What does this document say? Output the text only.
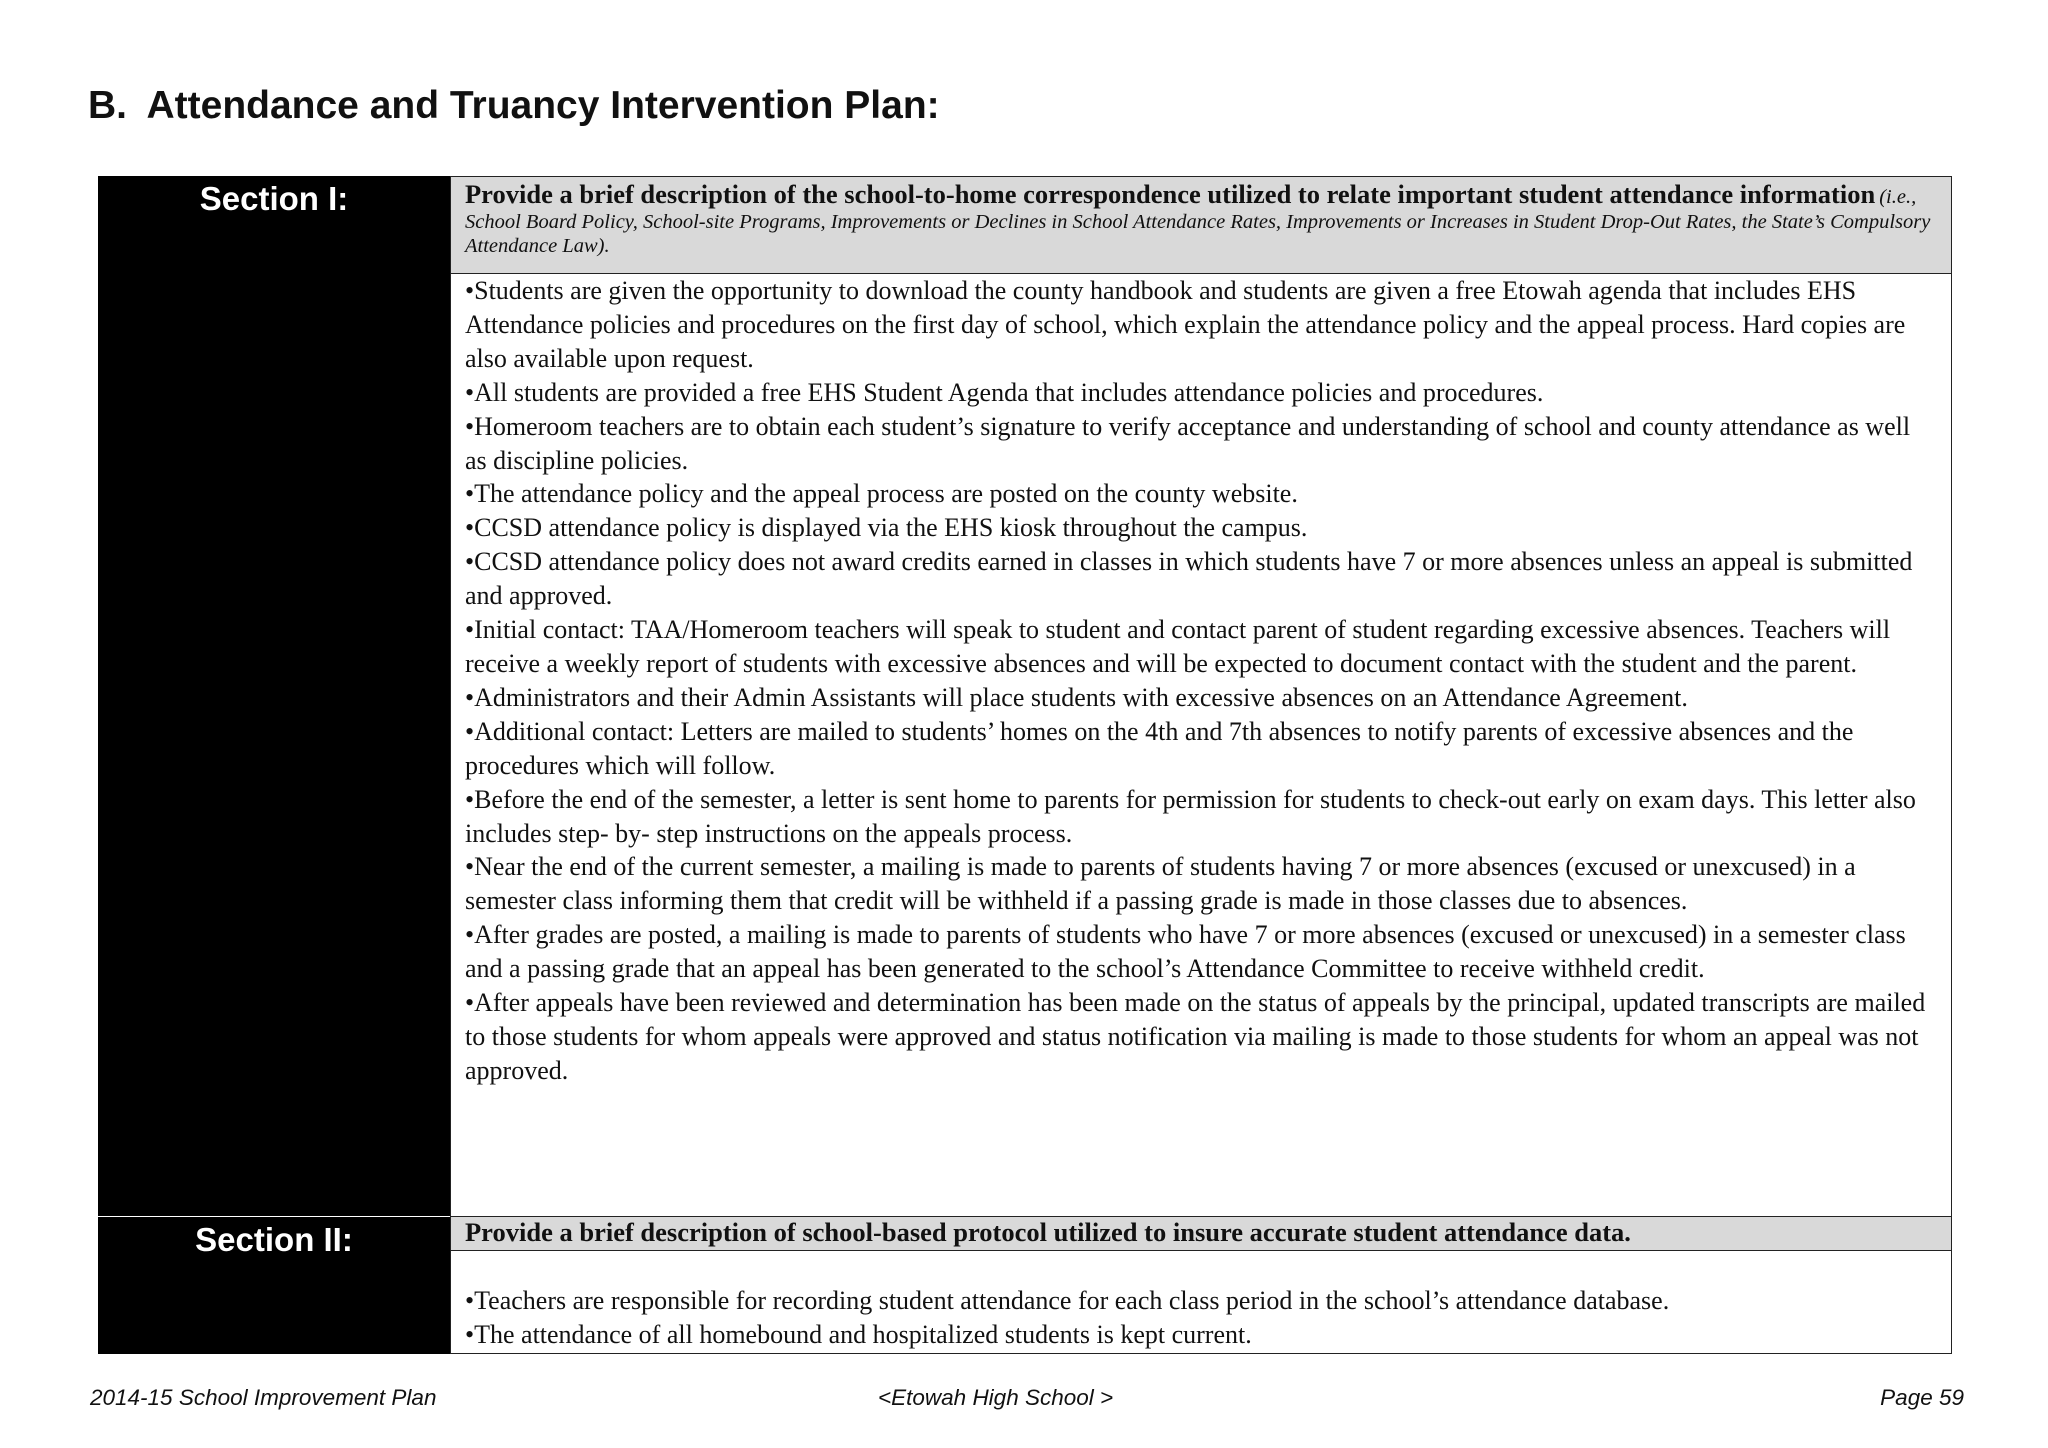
B. Attendance and Truancy Intervention Plan:
Section I:	Provide a brief description of the school-to-home correspondence utilized to relate important student attendance information (i.e., School Board Policy, School-site Programs, Improvements or Declines in School Attendance Rates, Improvements or Increases in Student Drop-Out Rates, the State’s Compulsory Attendance Law).

•Students are given the opportunity to download the county handbook and students are given a free Etowah agenda that includes EHS Attendance policies and procedures on the first day of school, which explain the attendance policy and the appeal process. Hard copies are also available upon request.

•All students are provided a free EHS Student Agenda that includes attendance policies and procedures.

•Homeroom teachers are to obtain each student’s signature to verify acceptance and understanding of school and county attendance as well as discipline policies.

•The attendance policy and the appeal process are posted on the county website.

•CCSD attendance policy is displayed via the EHS kiosk throughout the campus.

•CCSD attendance policy does not award credits earned in classes in which students have 7 or more absences unless an appeal is submitted and approved.

•Initial contact: TAA/Homeroom teachers will speak to student and contact parent of student regarding excessive absences. Teachers will receive a weekly report of students with excessive absences and will be expected to document contact with the student and the parent.

•Administrators and their Admin Assistants will place students with excessive absences on an Attendance Agreement.

•Additional contact: Letters are mailed to students’ homes on the 4th and 7th absences to notify parents of excessive absences and the procedures which will follow.

•Before the end of the semester, a letter is sent home to parents for permission for students to check-out early on exam days. This letter also includes step- by- step instructions on the appeals process.

•Near the end of the current semester, a mailing is made to parents of students having 7 or more absences (excused or unexcused) in a semester class informing them that credit will be withheld if a passing grade is made in those classes due to absences.

•After grades are posted, a mailing is made to parents of students who have 7 or more absences (excused or unexcused) in a semester class and a passing grade that an appeal has been generated to the school’s Attendance Committee to receive withheld credit.

•After appeals have been reviewed and determination has been made on the status of appeals by the principal, updated transcripts are mailed to those students for whom appeals were approved and status notification via mailing is made to those students for whom an appeal was not approved.

Section II:	Provide a brief description of school-based protocol utilized to insure accurate student attendance data.

•Teachers are responsible for recording student attendance for each class period in the school’s attendance database.

•The attendance of all homebound and hospitalized students is kept current.

2014-15 School Improvement Plan	<Etowah High School >	Page 59
